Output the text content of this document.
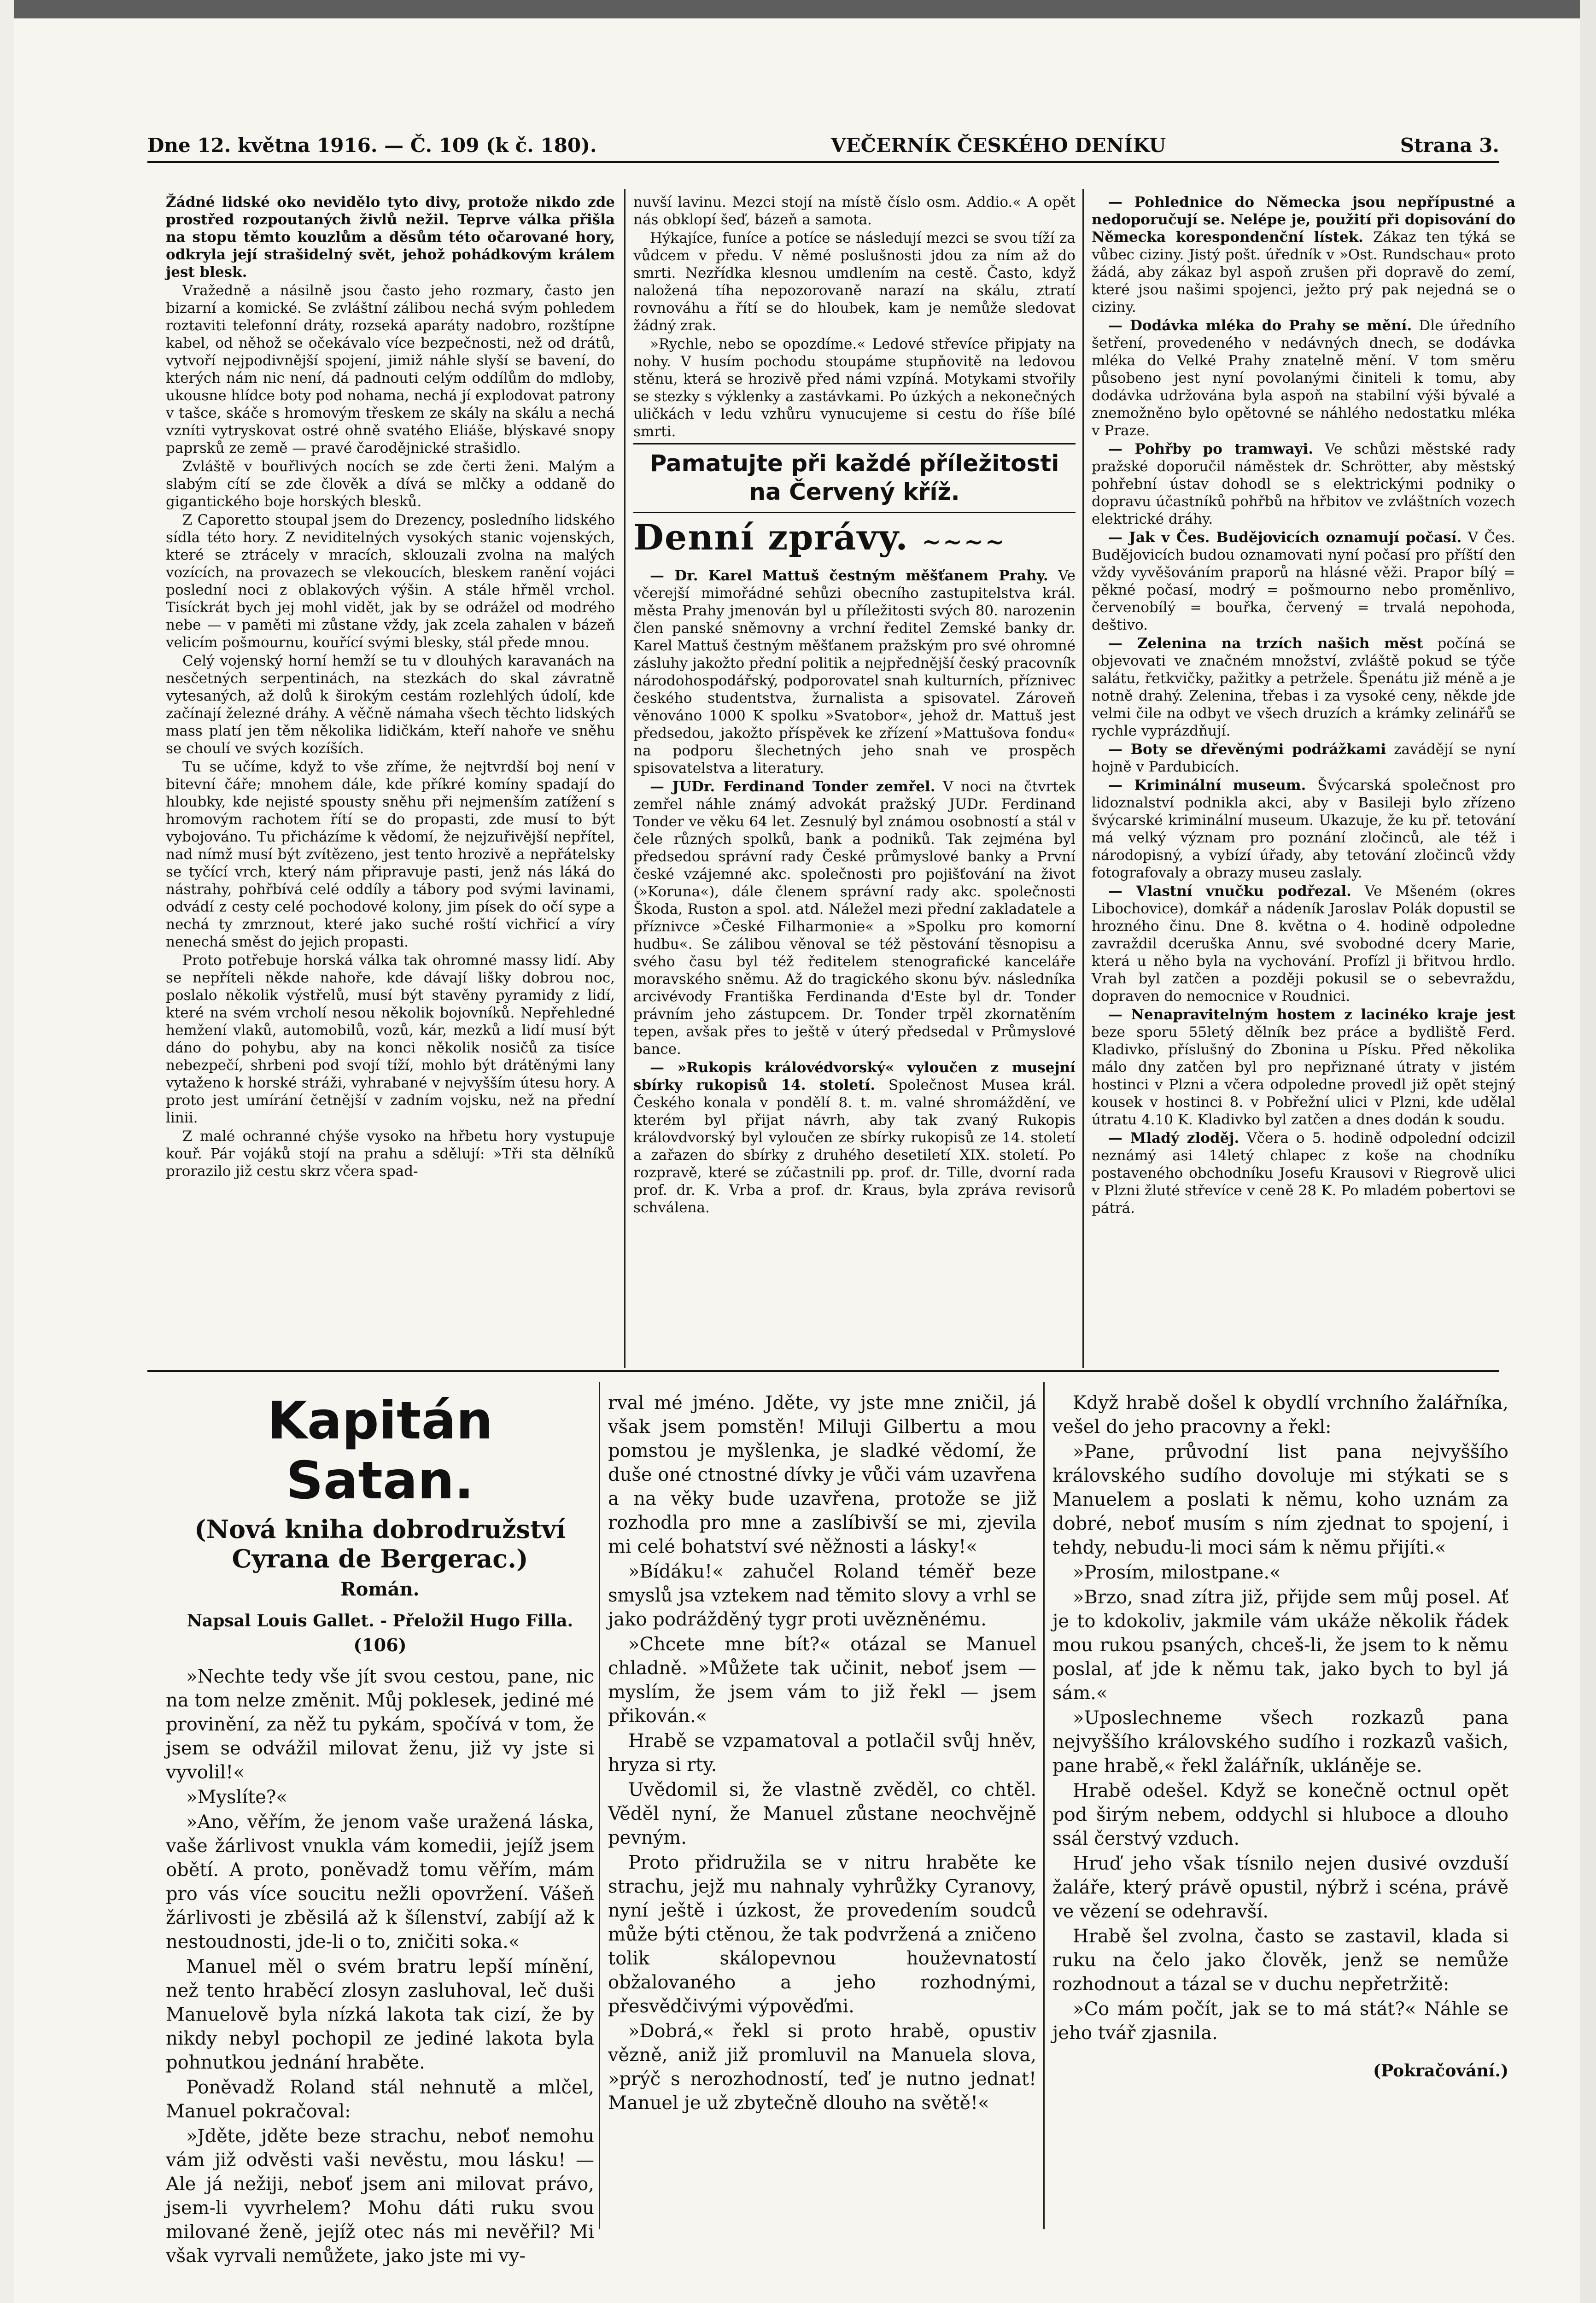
Dne 12. května 1916. — Č. 109 (k č. 180).	VEČERNÍK ČESKÉHO DENÍKU	Strana 3.

Žádné lidské oko nevidělo tyto divy, protože nikdo zde prostřed rozpoutaných živlů nežil. Teprve válka přišla na stopu těmto kouzlům a děsům této očarované hory, odkryla její strašidelný svět, jehož pohádkovým králem jest blesk.

Vražedně a násilně jsou často jeho rozmary, často jen bizarní a komické. Se zvláštní zálibou nechá svým pohledem roztaviti telefonní dráty, rozseká aparáty nadobro, rozštípne kabel, od něhož se očekávalo více bezpečnosti, než od drátů, vytvoří nejpodivnější spojení, jimiž náhle slyší se bavení, do kterých nám nic není, dá padnouti celým oddílům do mdloby, ukousne hlídce boty pod nohama, nechá jí explodovat patrony v tašce, skáče s hromovým třeskem ze skály na skálu a nechá vzníti vytryskovat ostré ohně svatého Eliáše, blýskavé snopy paprsků ze země — pravé čarodějnické strašidlo.

Zvláště v bouřlivých nocích se zde čerti ženi. Malým a slabým cítí se zde člověk a dívá se mlčky a oddaně do gigantického boje horských blesků.

Z Caporetto stoupal jsem do Drezency, posledního lidského sídla této hory. Z neviditelných vysokých stanic vojenských, které se ztrácely v mracích, sklouzali zvolna na malých vozících, na provazech se vlekoucích, bleskem ranění vojáci poslední noci z oblakových výšin. A stále hřměl vrchol. Tisíckrát bych jej mohl vidět, jak by se odrážel od modrého nebe — v paměti mi zůstane vždy, jak zcela zahalen v bázeň velicím pošmournu, kouřící svými blesky, stál přede mnou.

Celý vojenský horní hemží se tu v dlouhých karavanách na nesčetných serpentinách, na stezkách do skal závratně vytesaných, až dolů k širokým cestám rozlehlých údolí, kde začínají železné dráhy. A věčně námaha všech těchto lidských mass platí jen těm několika lidičkám, kteří nahoře ve sněhu se choulí ve svých kozíších.

Tu se učíme, když to vše zříme, že nejtvrdší boj není v bitevní čáře; mnohem dále, kde příkré komíny spadají do hloubky, kde nejisté spousty sněhu při nejmenším zatížení s hromovým rachotem řítí se do propasti, zde musí to být vybojováno. Tu přicházíme k vědomí, že nejzuřivější nepřítel, nad nímž musí být zvítězeno, jest tento hrozivě a nepřátelsky se tyčící vrch, který nám připravuje pasti, jenž nás láká do nástrahy, pohřbívá celé oddíly a tábory pod svými lavinami, odvádí z cesty celé pochodové kolony, jim písek do očí sype a nechá ty zmrznout, které jako suché roští vichřicí a víry nenechá směst do jejich propasti.

Proto potřebuje horská válka tak ohromné massy lidí. Aby se nepříteli někde nahoře, kde dávají lišky dobrou noc, poslalo několik výstřelů, musí být stavěny pyramidy z lidí, které na svém vrcholí nesou několik bojovníků. Nepřehledné hemžení vlaků, automobilů, vozů, kár, mezků a lidí musí být dáno do pohybu, aby na konci několik nosičů za tisíce nebezpečí, shrbeni pod svojí tíží, mohlo být drátěnými lany vytaženo k horské stráži, vyhrabané v nejvyšším útesu hory. A proto jest umírání četnější v zadním vojsku, než na přední linii.

Z malé ochranné chýše vysoko na hřbetu hory vystupuje kouř. Pár vojáků stojí na prahu a sdělují: »Tři sta dělníků prorazilo již cestu skrz včera spad-

nuvší lavinu. Mezci stojí na místě číslo osm. Addio.« A opět nás obklopí šeď, bázeň a samota.

Hýkajíce, funíce a potíce se následují mezci se svou tíží za vůdcem v předu. V němé poslušnosti jdou za ním až do smrti. Nezřídka klesnou umdlením na cestě. Často, když naložená tíha nepozorovaně narazí na skálu, ztratí rovnováhu a řítí se do hloubek, kam je nemůže sledovat žádný zrak.

»Rychle, nebo se opozdíme.« Ledové střevíce připjaty na nohy. V husím pochodu stoupáme stupňovitě na ledovou stěnu, která se hrozivě před námi vzpíná. Motykami stvořily se stezky s výklenky a zastávkami. Po úzkých a nekonečných uličkách v ledu vzhůru vynucujeme si cestu do říše bílé smrti.

Pamatujte při každé příležitosti na Červený kříž.
Denní zprávy. ~~~~

— Dr. Karel Mattuš čestným měšťanem Prahy. Ve včerejší mimořádné sehůzi obecního zastupitelstva král. města Prahy jmenován byl u příležitosti svých 80. narozenin člen panské sněmovny a vrchní ředitel Zemské banky dr. Karel Mattuš čestným měšťanem pražským pro své ohromné zásluhy jakožto přední politik a nejpřednější český pracovník národohospodářský, podporovatel snah kulturních, příznivec českého studentstva, žurnalista a spisovatel. Zároveň věnováno 1000 K spolku »Svatobor«, jehož dr. Mattuš jest předsedou, jakožto příspěvek ke zřízení »Mattušova fondu« na podporu šlechetných jeho snah ve prospěch spisovatelstva a literatury.

— JUDr. Ferdinand Tonder zemřel. V noci na čtvrtek zemřel náhle známý advokát pražský JUDr. Ferdinand Tonder ve věku 64 let. Zesnulý byl známou osobností a stál v čele různých spolků, bank a podniků. Tak zejména byl předsedou správní rady České průmyslové banky a První české vzájemné akc. společnosti pro pojišťování na život (»Koruna«), dále členem správní rady akc. společnosti Škoda, Ruston a spol. atd. Náležel mezi přední zakladatele a příznivce »České Filharmonie« a »Spolku pro komorní hudbu«. Se zálibou věnoval se též pěstování těsnopisu a svého času byl též ředitelem stenografické kanceláře moravského sněmu. Až do tragického skonu býv. následníka arcivévody Františka Ferdinanda d'Este byl dr. Tonder právním jeho zástupcem. Dr. Tonder trpěl zkornatěním tepen, avšak přes to ještě v úterý předsedal v Průmyslové bance.

— »Rukopis královédvorský« vyloučen z musejní sbírky rukopisů 14. století. Společnost Musea král. Českého konala v pondělí 8. t. m. valné shromáždění, ve kterém byl přijat návrh, aby tak zvaný Rukopis královdvorský byl vyloučen ze sbírky rukopisů ze 14. století a zařazen do sbírky z druhého desetiletí XIX. století. Po rozpravě, které se zúčastnili pp. prof. dr. Tille, dvorní rada prof. dr. K. Vrba a prof. dr. Kraus, byla zpráva revisorů schválena.

— Pohlednice do Německa jsou nepřípustné a nedoporučují se. Nelépe je, použití při dopisování do Německa korespondenční lístek. Zákaz ten týká se vůbec ciziny. Jistý pošt. úředník v »Ost. Rundschau« proto žádá, aby zákaz byl aspoň zrušen při dopravě do zemí, které jsou našimi spojenci, ježto prý pak nejedná se o ciziny.

— Dodávka mléka do Prahy se mění. Dle úředního šetření, provedeného v nedávných dnech, se dodávka mléka do Velké Prahy znatelně mění. V tom směru působeno jest nyní povolanými činiteli k tomu, aby dodávka udržována byla aspoň na stabilní výši bývalé a znemožněno bylo opětovné se náhlého nedostatku mléka v Praze.

— Pohřby po tramwayi. Ve schůzi městské rady pražské doporučil náměstek dr. Schrötter, aby městský pohřební ústav dohodl se s elektrickými podniky o dopravu účastníků pohřbů na hřbitov ve zvláštních vozech elektrické dráhy.

— Jak v Čes. Budějovicích oznamují počasí. V Čes. Budějovicích budou oznamovati nyní počasí pro příští den vždy vyvěšováním praporů na hlásné věži. Prapor bílý = pěkné počasí, modrý = pošmourno nebo proměnlivo, červenobílý = bouřka, červený = trvalá nepohoda, deštivo.

— Zelenina na trzích našich měst počíná se objevovati ve značném množství, zvláště pokud se týče salátu, řetkvičky, pažitky a petržele. Špenátu již méně a je notně drahý. Zelenina, třebas i za vysoké ceny, někde jde velmi čile na odbyt ve všech druzích a krámky zelinářů se rychle vyprázdňují.

— Boty se dřevěnými podrážkami zavádějí se nyní hojně v Pardubicích.

— Kriminální museum. Švýcarská společnost pro lidoznalství podnikla akci, aby v Basileji bylo zřízeno švýcarské kriminální museum. Ukazuje, že ku př. tetování má velký význam pro poznání zločinců, ale též i národopisný, a vybízí úřady, aby tetování zločinců vždy fotografovaly a obrazy museu zaslaly.

— Vlastní vnučku podřezal. Ve Mšeném (okres Libochovice), domkář a nádeník Jaroslav Polák dopustil se hrozného činu. Dne 8. května o 4. hodině odpoledne zavraždil dceruška Annu, své svobodné dcery Marie, která u něho byla na vychování. Profízl ji břitvou hrdlo. Vrah byl zatčen a později pokusil se o sebevraždu, dopraven do nemocnice v Roudnici.

— Nenapravitelným hostem z lacinéko kraje jest beze sporu 55letý dělník bez práce a bydliště Ferd. Kladivko, příslušný do Zbonina u Písku. Před několika málo dny zatčen byl pro nepřiznané útraty v jistém hostinci v Plzni a včera odpoledne provedl již opět stejný kousek v hostinci 8. v Pobřežní ulici v Plzni, kde udělal útratu 4.10 K. Kladivko byl zatčen a dnes dodán k soudu.

— Mladý zloděj. Včera o 5. hodině odpolední odcizil neznámý asi 14letý chlapec z koše na chodníku postaveného obchodníku Josefu Krausovi v Riegrově ulici v Plzni žluté střevíce v ceně 28 K. Po mladém pobertovi se pátrá.

Kapitán Satan.
(Nová kniha dobrodružství Cyrana de Bergerac.)
Román.
Napsal Louis Gallet. - Přeložil Hugo Filla.
(106)

»Nechte tedy vše jít svou cestou, pane, nic na tom nelze změnit. Můj poklesek, jediné mé provinění, za něž tu pykám, spočívá v tom, že jsem se odvážil milovat ženu, již vy jste si vyvolil!«

»Myslíte?«

»Ano, věřím, že jenom vaše uražená láska, vaše žárlivost vnukla vám komedii, jejíž jsem obětí. A proto, poněvadž tomu věřím, mám pro vás více soucitu nežli opovržení. Vášeň žárlivosti je zběsilá až k šílenství, zabíjí až k nestoudnosti, jde-li o to, zničiti soka.«

Manuel měl o svém bratru lepší mínění, než tento hraběcí zlosyn zasluhoval, leč duši Manuelově byla nízká lakota tak cizí, že by nikdy nebyl pochopil ze jediné lakota byla pohnutkou jednání hraběte.

Poněvadž Roland stál nehnutě a mlčel, Manuel pokračoval:

»Jděte, jděte beze strachu, neboť nemohu vám již odvěsti vaši nevěstu, mou lásku! — Ale já nežiji, neboť jsem ani milovat právo, jsem-li vyvrhelem? Mohu dáti ruku svou milované ženě, jejíž otec nás mi nevěřil? Mi však vyrvali nemůžete, jako jste mi vy-

rval mé jméno. Jděte, vy jste mne zničil, já však jsem pomstěn! Miluji Gilbertu a mou pomstou je myšlenka, je sladké vědomí, že duše oné ctnostné dívky je vůči vám uzavřena a na věky bude uzavřena, protože se již rozhodla pro mne a zaslíbivší se mi, zjevila mi celé bohatství své něžnosti a lásky!«

»Bídáku!« zahučel Roland téměř beze smyslů jsa vztekem nad těmito slovy a vrhl se jako podrážděný tygr proti uvězněnému.

»Chcete mne bít?« otázal se Manuel chladně. »Můžete tak učinit, neboť jsem — myslím, že jsem vám to již řekl — jsem přikován.«

Hrabě se vzpamatoval a potlačil svůj hněv, hryza si rty.

Uvědomil si, že vlastně zvěděl, co chtěl. Věděl nyní, že Manuel zůstane neochvějně pevným.

Proto přidružila se v nitru hraběte ke strachu, jejž mu nahnaly vyhrůžky Cyranovy, nyní ještě i úzkost, že provedením soudců může býti ctěnou, že tak podvržená a zničeno tolik skálopevnou houževnatostí obžalovaného a jeho rozhodnými, přesvědčivými výpověďmi.

»Dobrá,« řekl si proto hrabě, opustiv vězně, aniž již promluvil na Manuela slova, »prýč s nerozhodností, teď je nutno jednat! Manuel je už zbytečně dlouho na světě!«

Když hrabě došel k obydlí vrchního žalářníka, vešel do jeho pracovny a řekl:

»Pane, průvodní list pana nejvyššího královského sudího dovoluje mi stýkati se s Manuelem a poslati k němu, koho uznám za dobré, neboť musím s ním zjednat to spojení, i tehdy, nebudu-li moci sám k němu přijíti.«

»Prosím, milostpane.«

»Brzo, snad zítra již, přijde sem můj posel. Ať je to kdokoliv, jakmile vám ukáže několik řádek mou rukou psaných, chceš-li, že jsem to k němu poslal, ať jde k němu tak, jako bych to byl já sám.«

»Uposlechneme všech rozkazů pana nejvyššího královského sudího i rozkazů vašich, pane hrabě,« řekl žalářník, ukláněje se.

Hrabě odešel. Když se konečně octnul opět pod širým nebem, oddychl si hluboce a dlouho ssál čerstvý vzduch.

Hruď jeho však tísnilo nejen dusivé ovzduší žaláře, který právě opustil, nýbrž i scéna, právě ve vězení se odehravší.

Hrabě šel zvolna, často se zastavil, klada si ruku na čelo jako člověk, jenž se nemůže rozhodnout a tázal se v duchu nepřetržitě:

»Co mám počít, jak se to má stát?« Náhle se jeho tvář zjasnila.

(Pokračování.)
